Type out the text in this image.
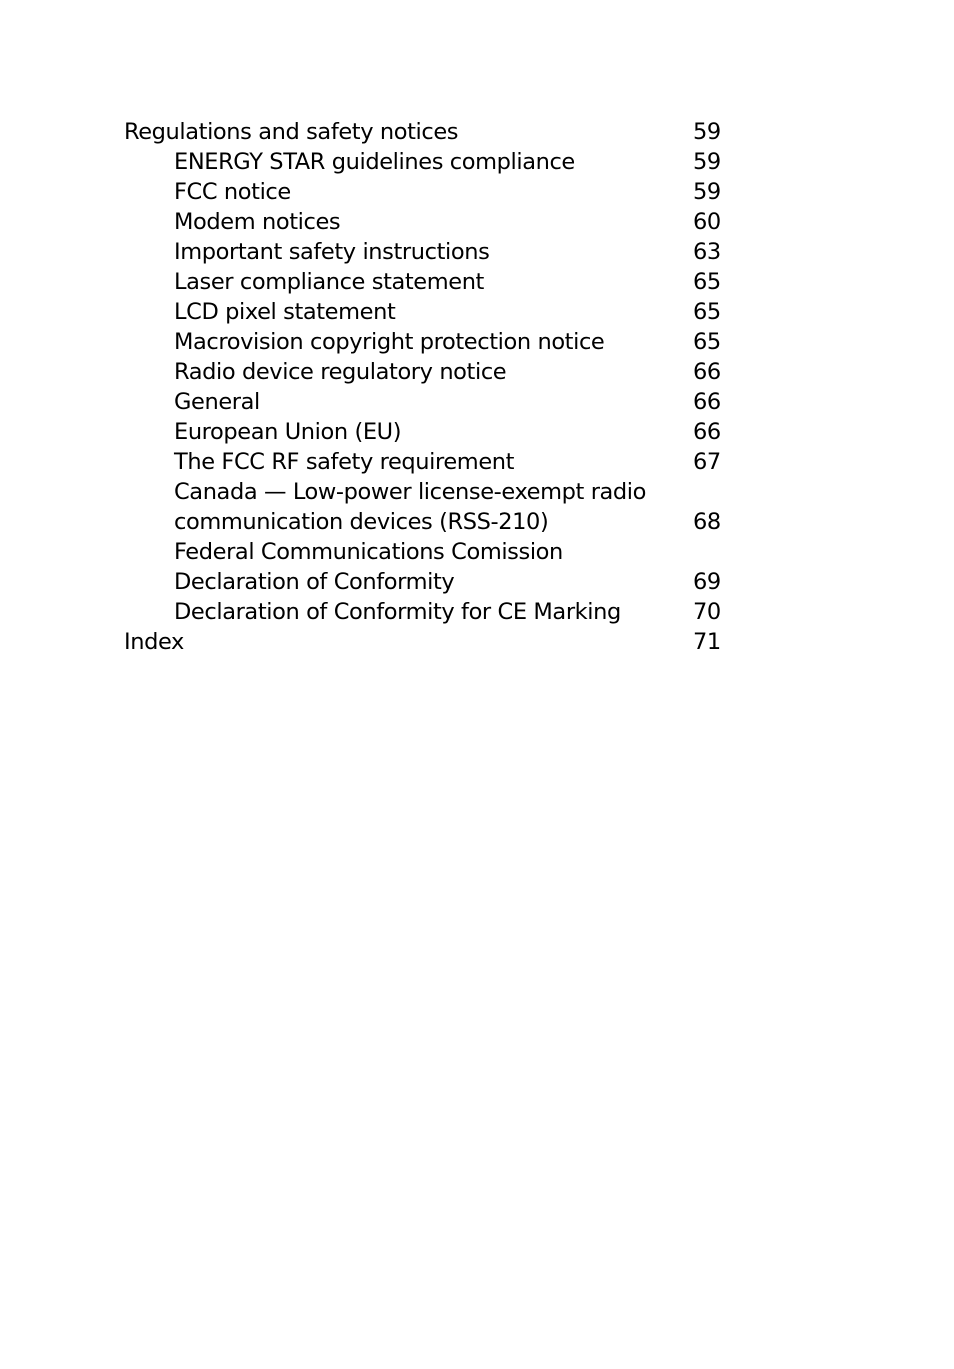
Regulations and safety notices	59
ENERGY STAR guidelines compliance	59
FCC notice	59
Modem notices	60
Important safety instructions	63
Laser compliance statement	65
LCD pixel statement	65
Macrovision copyright protection notice	65
Radio device regulatory notice	66
General	66
European Union (EU)	66
The FCC RF safety requirement	67
Canada — Low-power license-exempt radio
communication devices (RSS-210)	68
Federal Communications Comission
Declaration of Conformity	69
Declaration of Conformity for CE Marking	70
Index	71
